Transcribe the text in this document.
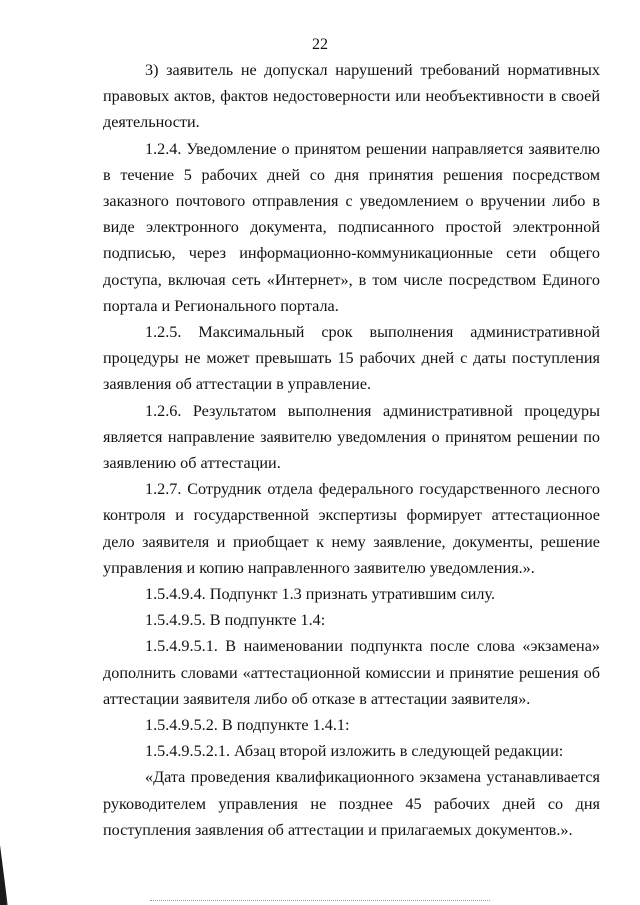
22

3) заявитель не допускал нарушений требований нормативных правовых актов, фактов недостоверности или необъективности в своей деятельности.

1.2.4. Уведомление о принятом решении направляется заявителю в течение 5 рабочих дней со дня принятия решения посредством заказного почтового отправления с уведомлением о вручении либо в виде электронного документа, подписанного простой электронной подписью, через информационно-коммуникационные сети общего доступа, включая сеть «Интернет», в том числе посредством Единого портала и Регионального портала.

1.2.5. Максимальный срок выполнения административной процедуры не может превышать 15 рабочих дней с даты поступления заявления об аттестации в управление.

1.2.6. Результатом выполнения административной процедуры является направление заявителю уведомления о принятом решении по заявлению об аттестации.

1.2.7. Сотрудник отдела федерального государственного лесного контроля и государственной экспертизы формирует аттестационное дело заявителя и приобщает к нему заявление, документы, решение управления и копию направленного заявителю уведомления.».

1.5.4.9.4. Подпункт 1.3 признать утратившим силу.

1.5.4.9.5. В подпункте 1.4:

1.5.4.9.5.1. В наименовании подпункта после слова «экзамена» дополнить словами «аттестационной комиссии и принятие решения об аттестации заявителя либо об отказе в аттестации заявителя».

1.5.4.9.5.2. В подпункте 1.4.1:

1.5.4.9.5.2.1. Абзац второй изложить в следующей редакции:

«Дата проведения квалификационного экзамена устанавливается руководителем управления не позднее 45 рабочих дней со дня поступления заявления об аттестации и прилагаемых документов.».
